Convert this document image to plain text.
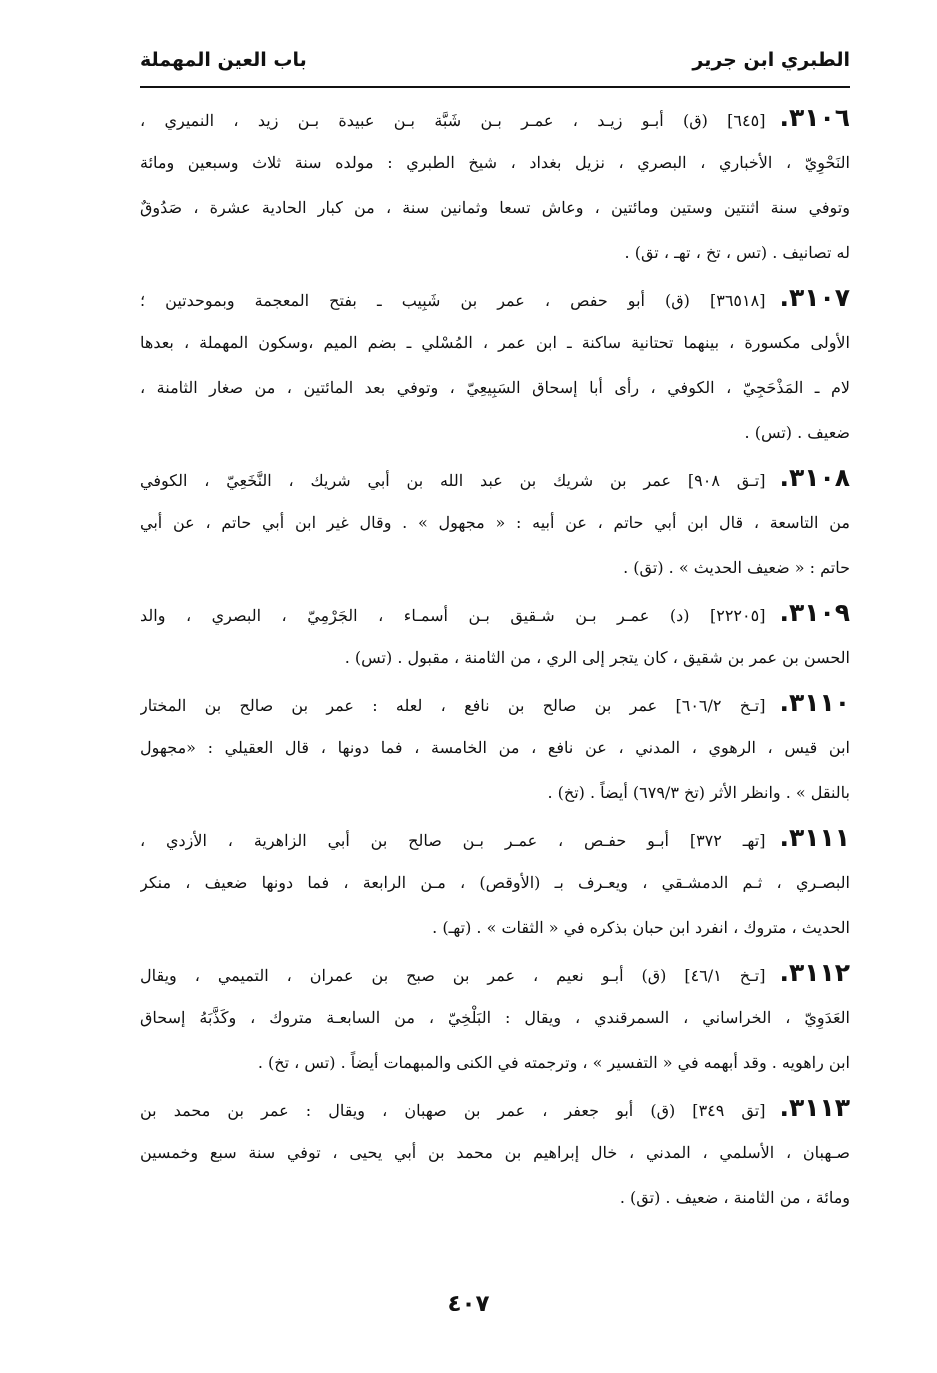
الطبري ابن جرير
باب العين المهملة
٣١٠٦.[٦٤٥] (ق) أبـو زيـد ، عمـر بـن شَبَّة بـن عبيدة بـن زيد ، النميري ،
النَحْوِيّ ، الأخباري ، البصري ، نزيل بغداد ، شيخ الطبري : مولده سنة ثلاث وسبعين ومائة
وتوفي سنة اثنتين وستين ومائتين ، وعاش تسعا وثمانين سنة ، من كبار الحادية عشرة ، صَدُوقٌ
له تصانيف . (تس ، تخ ، تهـ ، تق) .
٣١٠٧.[٣٦٥١٨] (ق) أبو حفص ، عمر بن شَبِيب ـ بفتح المعجمة وبموحدتين ؛
الأولى مكسورة ، بينهما تحتانية ساكنة ـ ابن عمر ، المُسْلي ـ بضم الميم ،وسكون المهملة ، بعدها
لام ـ المَذْحَجِيّ ، الكوفي ، رأى أبا إسحاق السَبِيعِيّ ، وتوفي بعد المائتين ، من صغار الثامنة ،
ضعيف . (تس) .
٣١٠٨.[تـق ٩٠٨] عمر بن شريك بن عبد الله بن أبي شريك ، النَّخَعِيّ ، الكوفي
من التاسعة ، قال ابن أبي حاتم ، عن أبيه : « مجهول » . وقال غير ابن أبي حاتم ، عن أبي
حاتم : « ضعيف الحديث » . (تق) .
٣١٠٩.[٢٢٢٠٥] (د) عمـر بـن شـقيق بـن أسمـاء ، الجَرْمِيّ ، البصري ، والد
الحسن بن عمر بن شقيق ، كان يتجر إلى الري ، من الثامنة ، مقبول . (تس) .
٣١١٠.[تـخ ٦٠٦/٢] عمر بن صالح بن نافع ، لعله : عمر بن صالح بن المختار
ابن قيس ، الرهوي ، المدني ، عن نافع ، من الخامسة ، فما دونها ، قال العقيلي : «مجهول
بالنقل » . وانظر الأثر (تخ ٦٧٩/٣) أيضاً . (تخ) .
٣١١١.[تهـ ٣٧٢] أبـو حفـص ، عمـر بـن صالح بن أبي الزاهرية ، الأزدي ،
البصـري ، ثـم الدمشـقي ، ويعـرف بـ (الأوقص) ، مـن الرابعة ، فما دونها ضعيف ، منكر
الحديث ، متروك ، انفرد ابن حبان بذكره في « الثقات » . (تهـ) .
٣١١٢.[تـخ ٤٦/١] (ق) أبـو نعيم ، عمر بن صبح بن عمران ، التميمي ، ويقال
العَدَوِيّ ، الخراساني ، السمرقندي ، ويقال : البَلْخِيّ ، من السابعـة متروك ، وكَذَّبَهُ إسحاق
ابن راهويه . وقد أبهمه في « التفسير » ، وترجمته في الكنى والمبهمات أيضاً . (تس ، تخ) .
٣١١٣.[تق ٣٤٩] (ق) أبو جعفر ، عمر بن صهبان ، ويقال : عمر بن محمد بن
صـهبان ، الأسلمي ، المدني ، خال إبراهيم بن محمد بن أبي يحيى ، توفي سنة سبع وخمسين
ومائة ، من الثامنة ، ضعيف . (تق) .
٤٠٧
